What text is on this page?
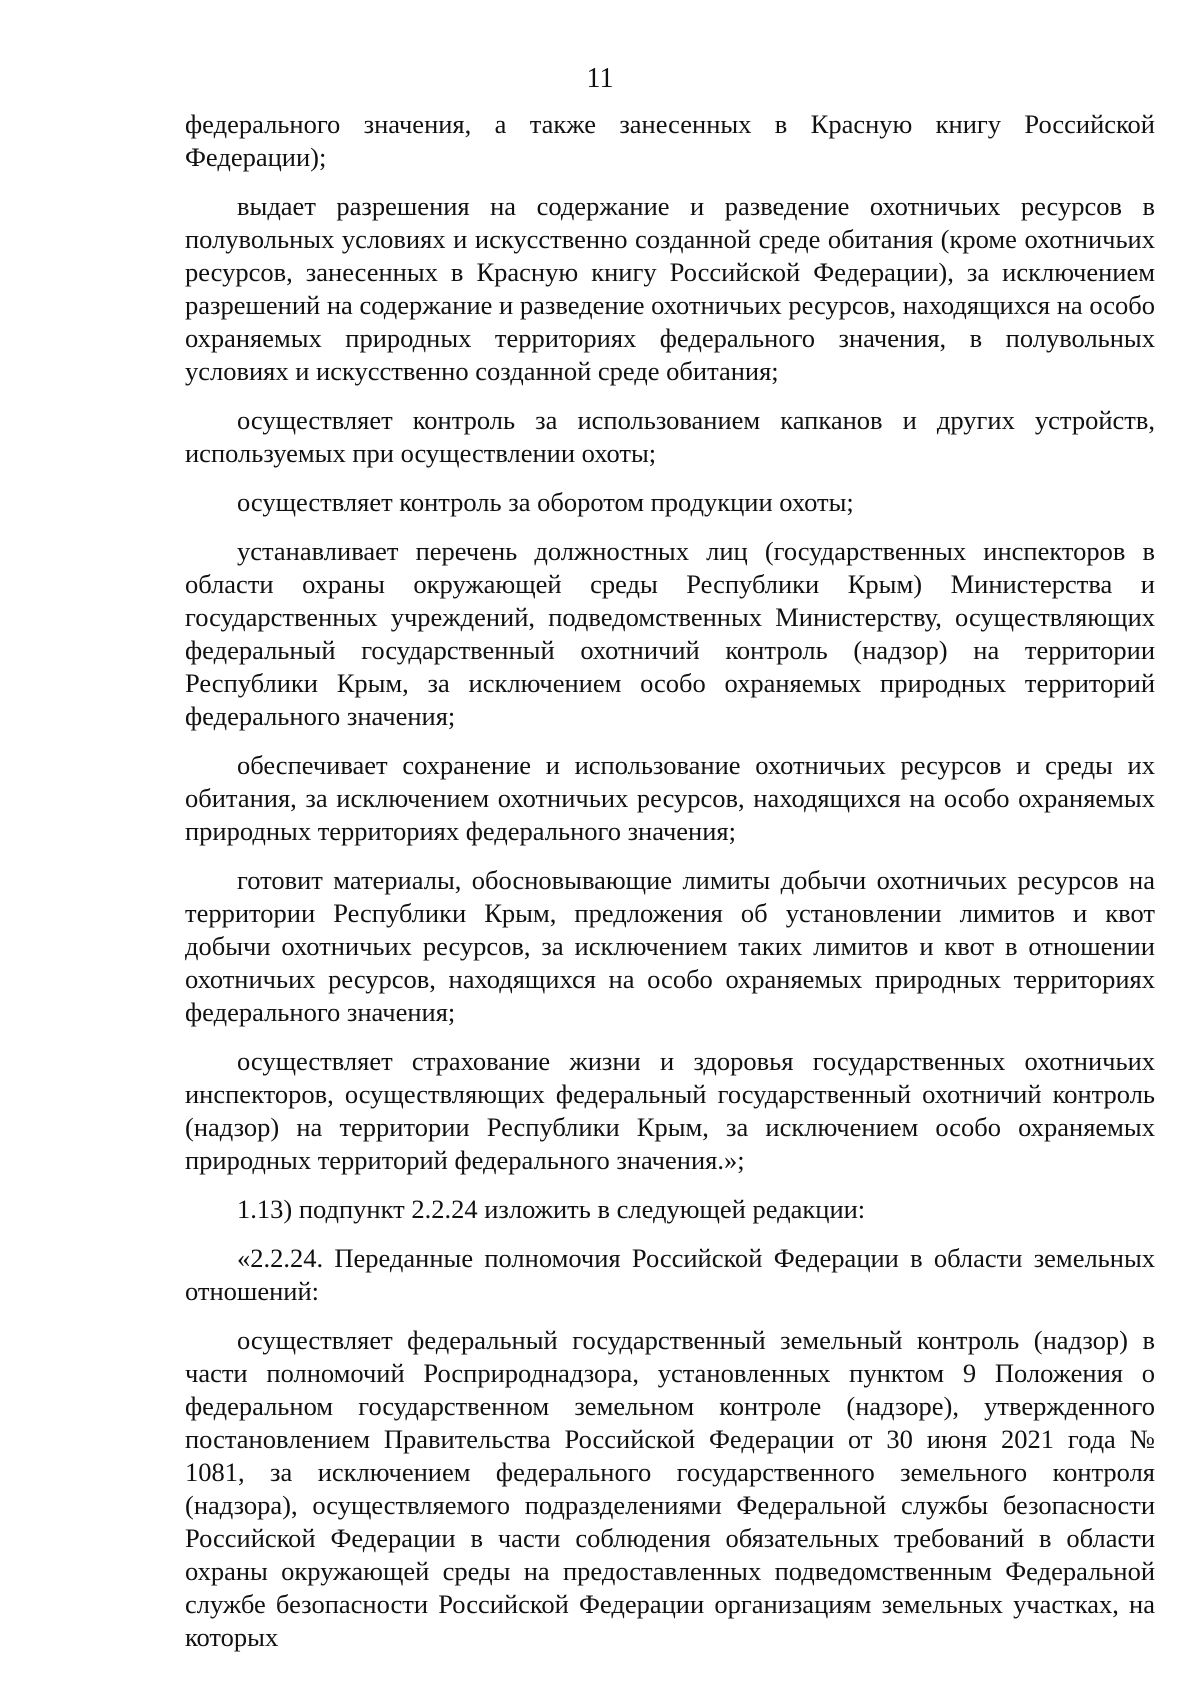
11

федерального значения, а также занесенных в Красную книгу Российской Федерации);

выдает разрешения на содержание и разведение охотничьих ресурсов в полувольных условиях и искусственно созданной среде обитания (кроме охотничьих ресурсов, занесенных в Красную книгу Российской Федерации), за исключением разрешений на содержание и разведение охотничьих ресурсов, находящихся на особо охраняемых природных территориях федерального значения, в полувольных условиях и искусственно созданной среде обитания;

осуществляет контроль за использованием капканов и других устройств, используемых при осуществлении охоты;

осуществляет контроль за оборотом продукции охоты;

устанавливает перечень должностных лиц (государственных инспекторов в области охраны окружающей среды Республики Крым) Министерства и государственных учреждений, подведомственных Министерству, осуществляющих федеральный государственный охотничий контроль (надзор) на территории Республики Крым, за исключением особо охраняемых природных территорий федерального значения;

обеспечивает сохранение и использование охотничьих ресурсов и среды их обитания, за исключением охотничьих ресурсов, находящихся на особо охраняемых природных территориях федерального значения;

готовит материалы, обосновывающие лимиты добычи охотничьих ресурсов на территории Республики Крым, предложения об установлении лимитов и квот добычи охотничьих ресурсов, за исключением таких лимитов и квот в отношении охотничьих ресурсов, находящихся на особо охраняемых природных территориях федерального значения;

осуществляет страхование жизни и здоровья государственных охотничьих инспекторов, осуществляющих федеральный государственный охотничий контроль (надзор) на территории Республики Крым, за исключением особо охраняемых природных территорий федерального значения.»;

1.13) подпункт 2.2.24 изложить в следующей редакции:

«2.2.24. Переданные полномочия Российской Федерации в области земельных отношений:

осуществляет федеральный государственный земельный контроль (надзор) в части полномочий Росприроднадзора, установленных пунктом 9 Положения о федеральном государственном земельном контроле (надзоре), утвержденного постановлением Правительства Российской Федерации от 30 июня 2021 года № 1081, за исключением федерального государственного земельного контроля (надзора), осуществляемого подразделениями Федеральной службы безопасности Российской Федерации в части соблюдения обязательных требований в области охраны окружающей среды на предоставленных подведомственным Федеральной службе безопасности Российской Федерации организациям земельных участках, на которых
